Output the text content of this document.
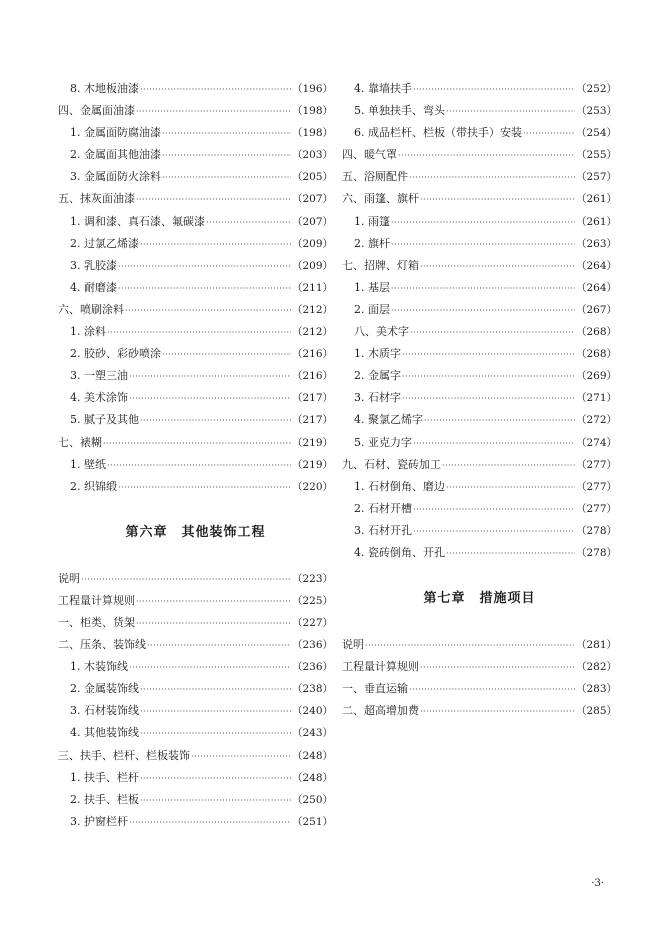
8. 木地板油漆 ·····	（196）
四、金属面油漆 ·····	（198）
1. 金属面防腐油漆 ·····	（198）
2. 金属面其他油漆 ·····	（203）
3. 金属面防火涂料 ·····	（205）
五、抹灰面油漆 ·····	（207）
1. 调和漆、真石漆、氟碳漆 ·····	（207）
2. 过氯乙烯漆 ·····	（209）
3. 乳胶漆 ·····	（209）
4. 耐磨漆 ·····	（211）
六、喷刷涂料 ·····	（212）
1. 涂料 ·····	（212）
2. 胶砂、彩砂喷涂 ·····	（216）
3. 一塑三油 ·····	（216）
4. 美术涂饰 ·····	（217）
5. 腻子及其他 ·····	（217）
七、裱糊 ·····	（219）
1. 壁纸 ·····	（219）
2. 织锦缎 ·····	（220）
第六章 其他装饰工程
说明 ·····	（223）
工程量计算规则 ·····	（225）
一、柜类、货架 ·····	（227）
二、压条、装饰线 ·····	（236）
1. 木装饰线 ·····	（236）
2. 金属装饰线 ·····	（238）
3. 石材装饰线 ·····	（240）
4. 其他装饰线 ·····	（243）
三、扶手、栏杆、栏板装饰 ·····	（248）
1. 扶手、栏杆 ·····	（248）
2. 扶手、栏板 ·····	（250）
3. 护窗栏杆 ·····	（251）
4. 靠墙扶手 ·····	（252）
5. 单独扶手、弯头 ·····	（253）
6. 成品栏杆、栏板（带扶手）安装 ·····	（254）
四、暖气罩 ·····	（255）
五、浴厕配件 ·····	（257）
六、雨篷、旗杆 ·····	（261）
1. 雨篷 ·····	（261）
2. 旗杆 ·····	（263）
七、招牌、灯箱 ·····	（264）
1. 基层 ·····	（264）
2. 面层 ·····	（267）
八、美术字 ·····	（268）
1. 木质字 ·····	（268）
2. 金属字 ·····	（269）
3. 石材字 ·····	（271）
4. 聚氯乙烯字 ·····	（272）
5. 亚克力字 ·····	（274）
九、石材、瓷砖加工 ·····	（277）
1. 石材倒角、磨边 ·····	（277）
2. 石材开槽 ·····	（277）
3. 石材开孔 ·····	（278）
4. 瓷砖倒角、开孔 ·····	（278）
第七章 措施项目
说明 ·····	（281）
工程量计算规则 ·····	（282）
一、垂直运输 ·····	（283）
二、超高增加费 ·····	（285）
·3·
